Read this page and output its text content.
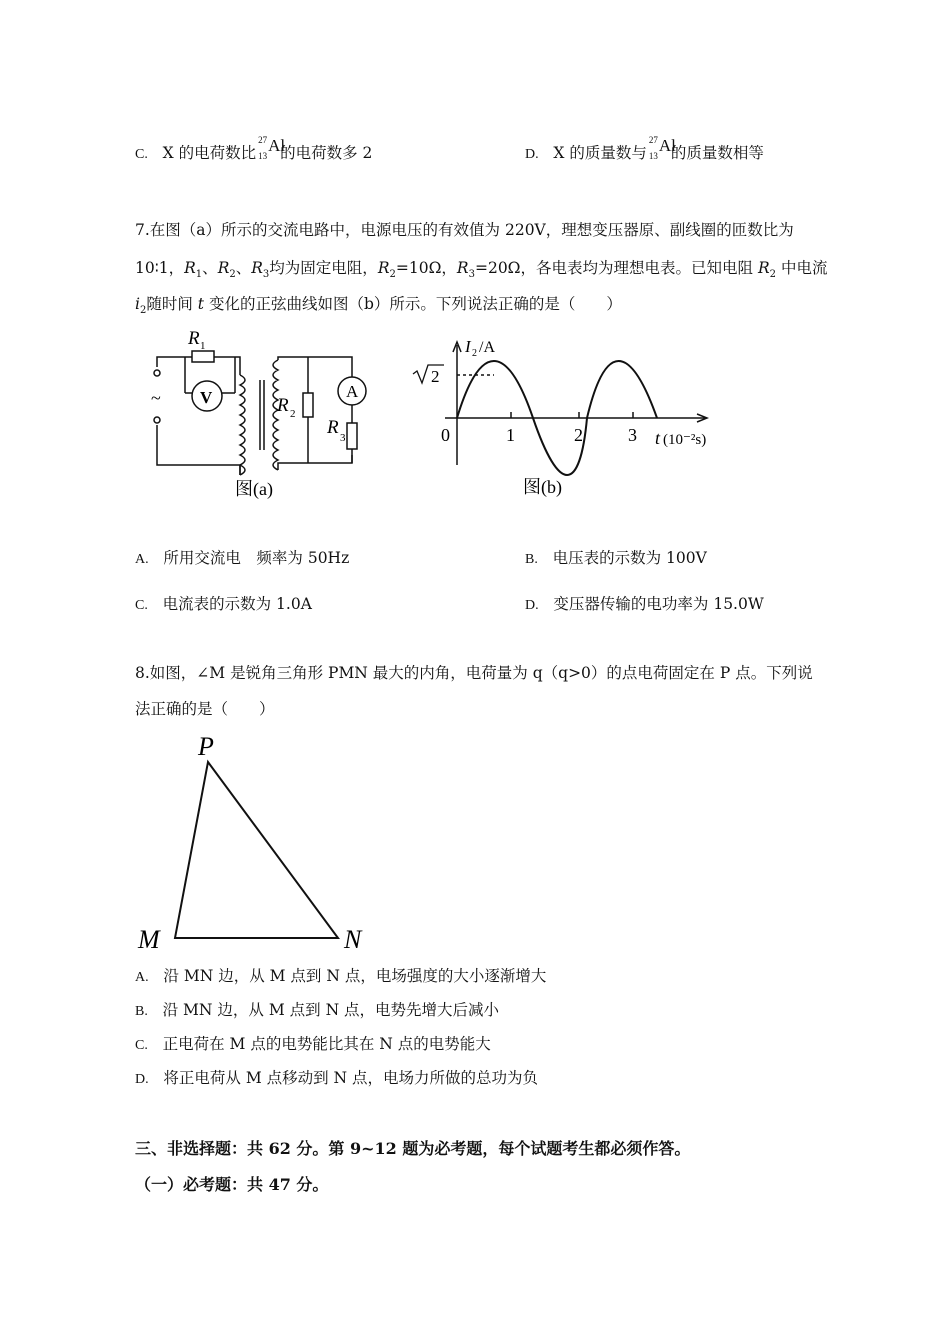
C. X 的电荷数比
27
13
Al
的电荷数多 2	D. X 的质量数与
27
13
Al
的质量数相等
7.在图（a）所示的交流电路中，电源电压的有效值为 220V，理想变压器原、副线圈的匝数比为
10∶1，$R_1$、$R_2$、$R_3$均为固定电阻，$R_2=10\Omega$，$R_3=20\Omega$，各电表均为理想电表。已知电阻 $R_2$ 中电流
$i_2$随时间 t 变化的正弦曲线如图（b）所示。下列说法正确的是（　　）
R 1
V	A
R 2
R 3
~
图(a)
2
I 2 /A
0	1	2	3 t (10⁻²s)
图(b)
A. 所用交流电　频率为 50Hz	B. 电压表的示数为 100V
C. 电流表的示数为 1.0A	D. 变压器传输的电功率为 15.0W
8.如图，∠M 是锐角三角形 PMN 最大的内角，电荷量为 q（q>0）的点电荷固定在 P 点。下列说
法正确的是（　　）
P
M	N
A. 沿 MN 边，从 M 点到 N 点，电场强度的大小逐渐增大
B. 沿 MN 边，从 M 点到 N 点，电势先增大后减小
C. 正电荷在 M 点的电势能比其在 N 点的电势能大
D. 将正电荷从 M 点移动到 N 点，电场力所做的总功为负
三、非选择题：共 62 分。第 9~12 题为必考题，每个试题考生都必须作答。
（一）必考题：共 47 分。
